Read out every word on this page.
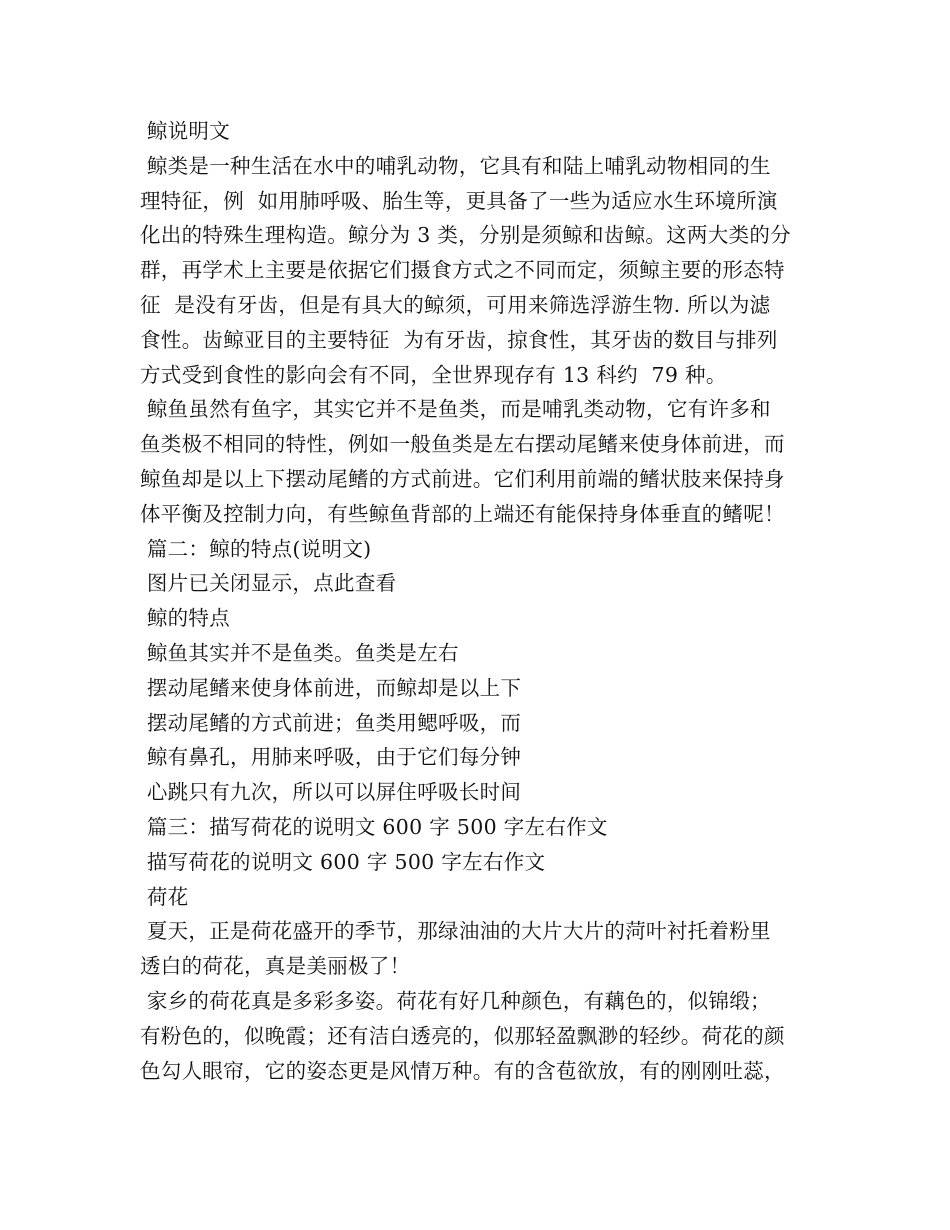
鲸说明文
鲸类是一种生活在水中的哺乳动物，它具有和陆上哺乳动物相同的生
理特征，例  如用肺呼吸、胎生等，更具备了一些为适应水生环境所演
化出的特殊生理构造。鲸分为 3 类，分别是须鲸和齿鲸。这两大类的分
群，再学术上主要是依据它们摄食方式之不同而定，须鲸主要的形态特
征  是没有牙齿，但是有具大的鲸须，可用来筛选浮游生物. 所以为滤
食性。齿鲸亚目的主要特征  为有牙齿，掠食性，其牙齿的数目与排列
方式受到食性的影向会有不同，全世界现存有 13 科约  79 种。
鲸鱼虽然有鱼字，其实它并不是鱼类，而是哺乳类动物，它有许多和
鱼类极不相同的特性，例如一般鱼类是左右摆动尾鳍来使身体前进，而
鲸鱼却是以上下摆动尾鳍的方式前进。它们利用前端的鳍状肢来保持身
体平衡及控制力向，有些鲸鱼背部的上端还有能保持身体垂直的鳍呢！
篇二：鲸的特点(说明文)
图片已关闭显示，点此查看
鲸的特点
鲸鱼其实并不是鱼类。鱼类是左右
摆动尾鳍来使身体前进，而鲸却是以上下
摆动尾鳍的方式前进；鱼类用鳃呼吸，而
鲸有鼻孔，用肺来呼吸，由于它们每分钟
心跳只有九次，所以可以屏住呼吸长时间
篇三：描写荷花的说明文 600 字 500 字左右作文
描写荷花的说明文 600 字 500 字左右作文
荷花
夏天，正是荷花盛开的季节，那绿油油的大片大片的菏叶衬托着粉里
透白的荷花，真是美丽极了！
家乡的荷花真是多彩多姿。荷花有好几种颜色，有藕色的，似锦缎；
有粉色的，似晚霞；还有洁白透亮的，似那轻盈飘渺的轻纱。荷花的颜
色勾人眼帘，它的姿态更是风情万种。有的含苞欲放，有的刚刚吐蕊，
